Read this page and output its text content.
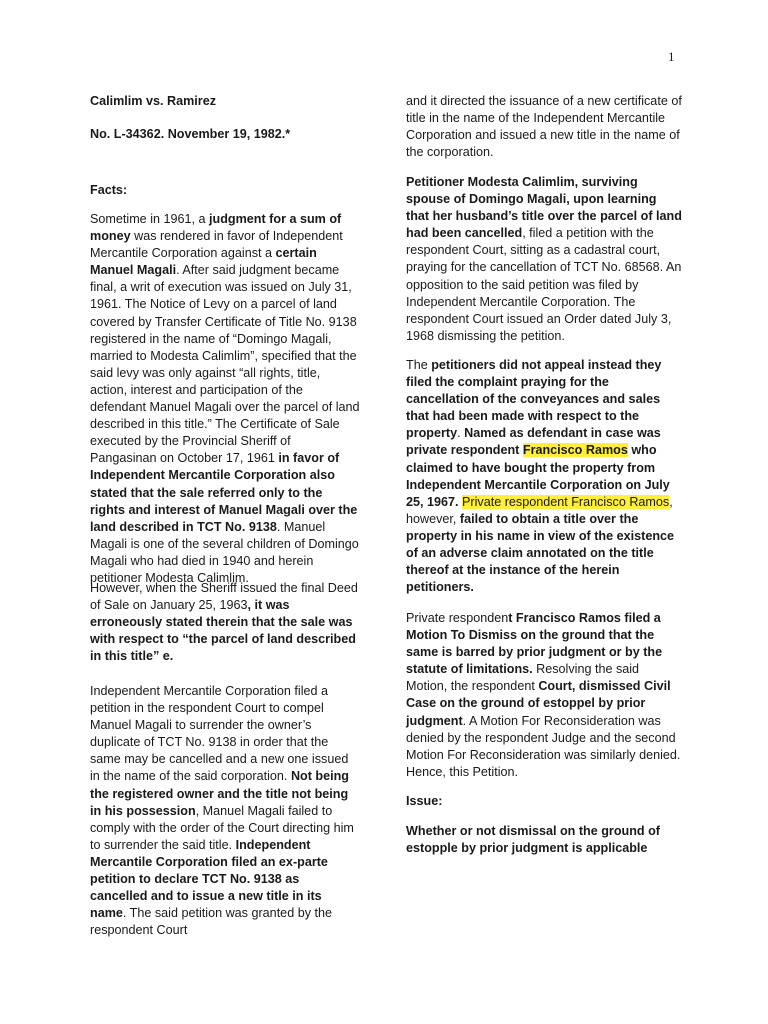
1

Calimlim vs. Ramirez

No. L-34362. November 19, 1982.*

Facts:

Sometime in 1961, a judgment for a sum of money was rendered in favor of Independent Mercantile Corporation against a certain Manuel Magali. After said judgment became final, a writ of execution was issued on July 31, 1961. The Notice of Levy on a parcel of land covered by Transfer Certificate of Title No. 9138 registered in the name of “Domingo Magali, married to Modesta Calimlim”, specified that the said levy was only against “all rights, title, action, interest and participation of the defendant Manuel Magali over the parcel of land described in this title.” The Certificate of Sale executed by the Provincial Sheriff of Pangasinan on October 17, 1961 in favor of Independent Mercantile Corporation also stated that the sale referred only to the rights and interest of Manuel Magali over the land described in TCT No. 9138. Manuel Magali is one of the several children of Domingo Magali who had died in 1940 and herein petitioner Modesta Calimlim.

However, when the Sheriff issued the final Deed of Sale on January 25, 1963, it was erroneously stated therein that the sale was with respect to “the parcel of land described in this title” e.

Independent Mercantile Corporation filed a petition in the respondent Court to compel Manuel Magali to surrender the owner’s duplicate of TCT No. 9138 in order that the same may be cancelled and a new one issued in the name of the said corporation. Not being the registered owner and the title not being in his possession, Manuel Magali failed to comply with the order of the Court directing him to surrender the said title. Independent Mercantile Corporation filed an ex-parte petition to declare TCT No. 9138 as cancelled and to issue a new title in its name. The said petition was granted by the respondent Court

and it directed the issuance of a new certificate of title in the name of the Independent Mercantile Corporation and issued a new title in the name of the corporation.

Petitioner Modesta Calimlim, surviving spouse of Domingo Magali, upon learning that her husband’s title over the parcel of land had been cancelled, filed a petition with the respondent Court, sitting as a cadastral court, praying for the cancellation of TCT No. 68568. An opposition to the said petition was filed by Independent Mercantile Corporation. The respondent Court issued an Order dated July 3, 1968 dismissing the petition.

The petitioners did not appeal instead they filed the complaint praying for the cancellation of the conveyances and sales that had been made with respect to the property. Named as defendant in case was private respondent Francisco Ramos who claimed to have bought the property from Independent Mercantile Corporation on July 25, 1967. Private respondent Francisco Ramos, however, failed to obtain a title over the property in his name in view of the existence of an adverse claim annotated on the title thereof at the instance of the herein petitioners.

Private respondent Francisco Ramos filed a Motion To Dismiss on the ground that the same is barred by prior judgment or by the statute of limitations. Resolving the said Motion, the respondent Court, dismissed Civil Case on the ground of estoppel by prior judgment. A Motion For Reconsideration was denied by the respondent Judge and the second Motion For Reconsideration was similarly denied. Hence, this Petition.

Issue:

Whether or not dismissal on the ground of estopple by prior judgment is applicable
